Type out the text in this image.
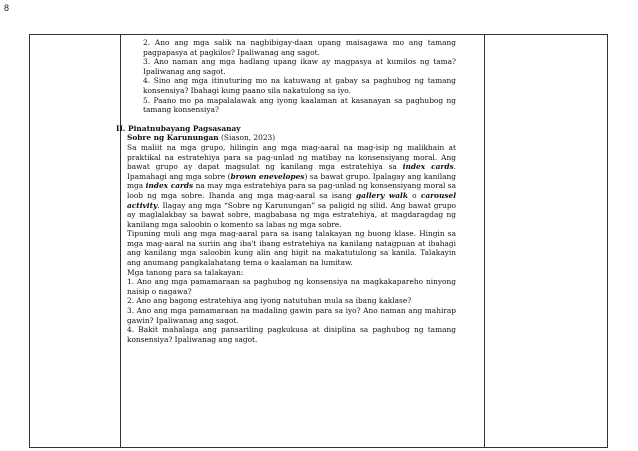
8

2. Ano ang mga salik na nagbibigay-daan upang maisagawa mo ang tamang pagpapasya at pagkilos? Ipaliwanag ang sagot.

3. Ano naman ang mga hadlang upang ikaw ay magpasya at kumilos ng tama? Ipaliwanag ang sagot.

4. Sino ang mga itinuturing mo na katuwang at gabay sa paghubog ng tamang konsensiya? Ibahagi kung paano sila nakatulong sa iyo.

5. Paano mo pa mapalalawak ang iyong kaalaman at kasanayan sa paghubog ng tamang konsensiya?

II. Pinatnubayang Pagsasanay

Sobre ng Karunungan (Siason, 2023)

Sa maliit na mga grupo, hilingin ang mga mag-aaral na mag-isip ng malikhain at praktikal na estratehiya para sa pag-unlad ng matibay na konsensiyang moral. Ang bawat grupo ay dapat magsulat ng kanilang mga estratehiya sa index cards. Ipamahagi ang mga sobre (brown enevelopes) sa bawat grupo. Ipalagay ang kanilang mga index cards na may mga estratehiya para sa pag-unlad ng konsensiyang moral sa loob ng mga sobre. Ihanda ang mga mag-aaral sa isang gallery walk o carousel activity. Ilagay ang mga “Sobre ng Karunungan” sa paligid ng silid. Ang bawat grupo ay maglalakbay sa bawat sobre, magbabasa ng mga estratehiya, at magdaragdag ng kanilang mga saloobin o komento sa labas ng mga sobre.

Tipuning muli ang mga mag-aaral para sa isang talakayan ng buong klase. Hingin sa mga mag-aaral na suriin ang iba't ibang estratehiya na kanilang natagpuan at ibahagi ang kanilang mga saloobin kung alin ang higit na makatutulong sa kanila. Talakayin ang anumang pangkalahatang tema o kaalaman na lumitaw.

Mga tanong para sa talakayan:

1. Ano ang mga pamamaraan sa paghubog ng konsensiya na magkakapareho ninyong naisip o nagawa?

2. Ano ang bagong estratehiya ang iyong natutuhan mula sa ibang kaklase?

3. Ano ang mga pamamaraan na madaling gawin para sa iyo? Ano naman ang mahirap gawin? Ipaliwanag ang sagot.

4. Bakit mahalaga ang pansariling pagkukusa at disiplina sa paghubog ng tamang konsensiya? Ipaliwanag ang sagot.
